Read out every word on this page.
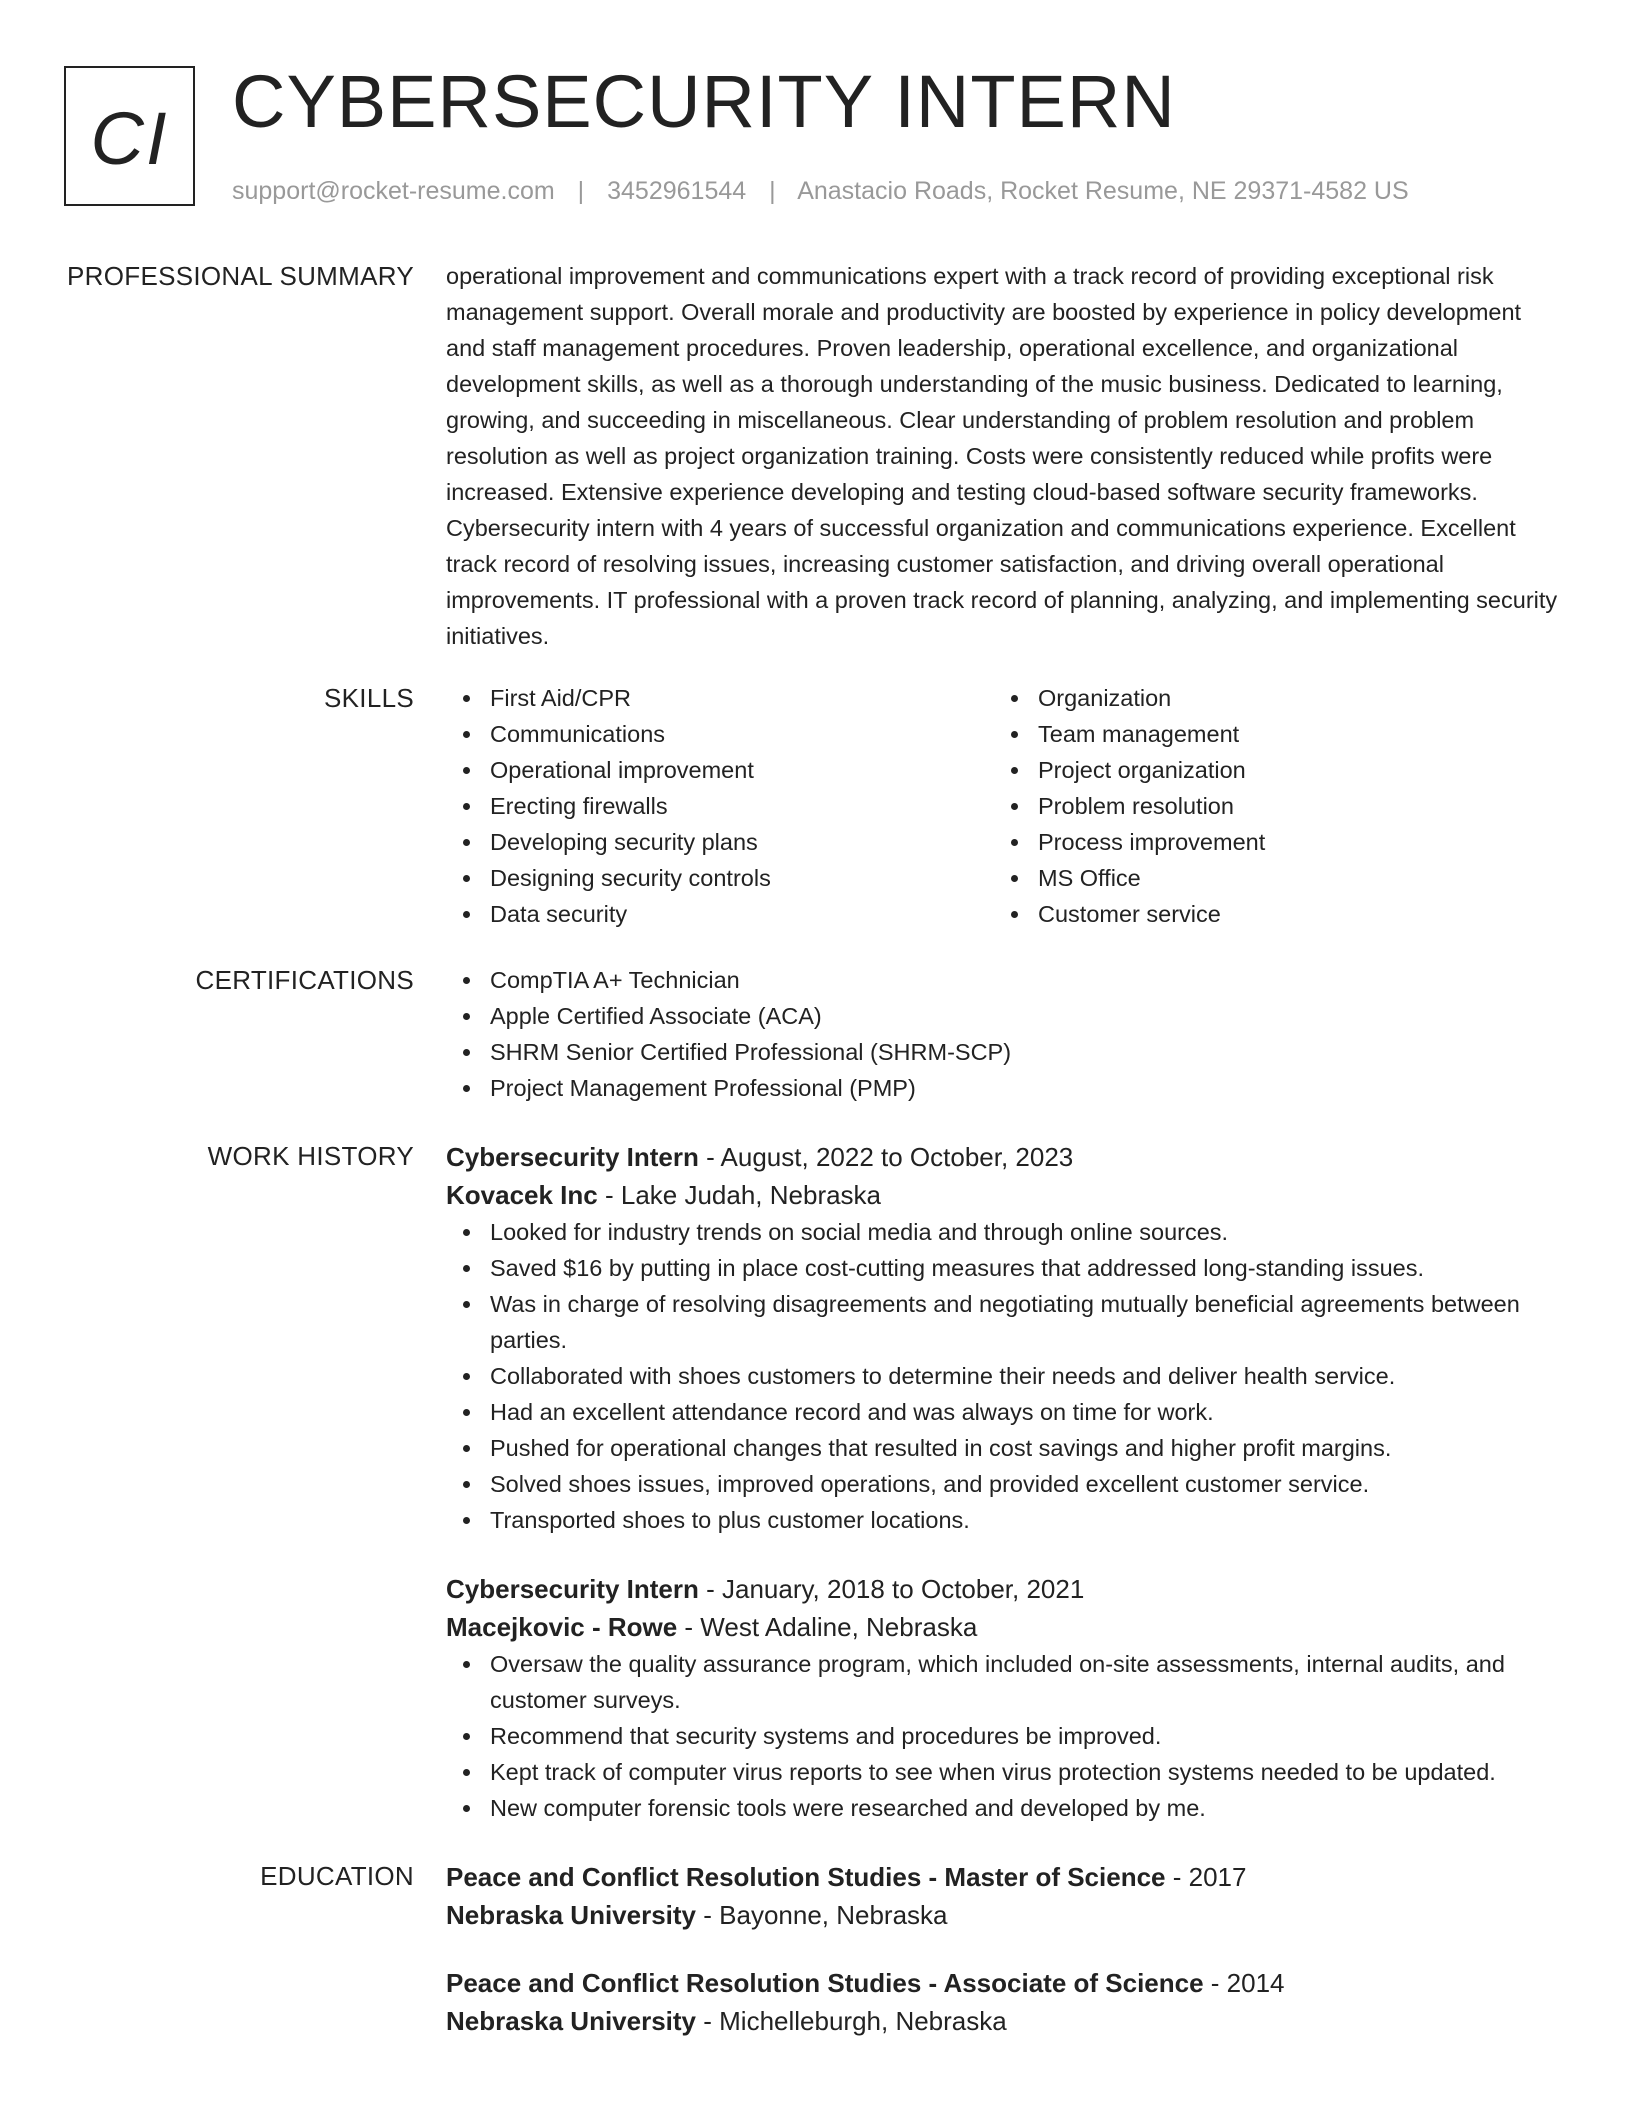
CI CYBERSECURITY INTERN
support@rocket-resume.com | 3452961544 | Anastacio Roads, Rocket Resume, NE 29371-4582 US
PROFESSIONAL SUMMARY operational improvement and communications expert with a track record of providing exceptional risk management support. Overall morale and productivity are boosted by experience in policy development and staff management procedures. Proven leadership, operational excellence, and organizational development skills, as well as a thorough understanding of the music business. Dedicated to learning, growing, and succeeding in miscellaneous. Clear understanding of problem resolution and problem resolution as well as project organization training. Costs were consistently reduced while profits were increased. Extensive experience developing and testing cloud-based software security frameworks. Cybersecurity intern with 4 years of successful organization and communications experience. Excellent track record of resolving issues, increasing customer satisfaction, and driving overall operational improvements. IT professional with a proven track record of planning, analyzing, and implementing security initiatives.

SKILLS	First Aid/CPR
Communications
Operational improvement
Erecting firewalls
Developing security plans
Designing security controls
Data security
Organization
Team management
Project organization
Problem resolution
Process improvement
MS Office
Customer service
CERTIFICATIONS	CompTIA A+ Technician
Apple Certified Associate (ACA)
SHRM Senior Certified Professional (SHRM-SCP)
Project Management Professional (PMP)
WORK HISTORY Cybersecurity Intern - August, 2022 to October, 2023
Kovacek Inc - Lake Judah, Nebraska
Looked for industry trends on social media and through online sources.
Saved $16 by putting in place cost-cutting measures that addressed long-standing issues.
Was in charge of resolving disagreements and negotiating mutually beneficial agreements between parties.
Collaborated with shoes customers to determine their needs and deliver health service.
Had an excellent attendance record and was always on time for work.
Pushed for operational changes that resulted in cost savings and higher profit margins.
Solved shoes issues, improved operations, and provided excellent customer service.
Transported shoes to plus customer locations.
Cybersecurity Intern - January, 2018 to October, 2021
Macejkovic - Rowe - West Adaline, Nebraska
Oversaw the quality assurance program, which included on-site assessments, internal audits, and customer surveys.
Recommend that security systems and procedures be improved.
Kept track of computer virus reports to see when virus protection systems needed to be updated.
New computer forensic tools were researched and developed by me.
EDUCATION Peace and Conflict Resolution Studies - Master of Science - 2017
Nebraska University - Bayonne, Nebraska
Peace and Conflict Resolution Studies - Associate of Science - 2014
Nebraska University - Michelleburgh, Nebraska
